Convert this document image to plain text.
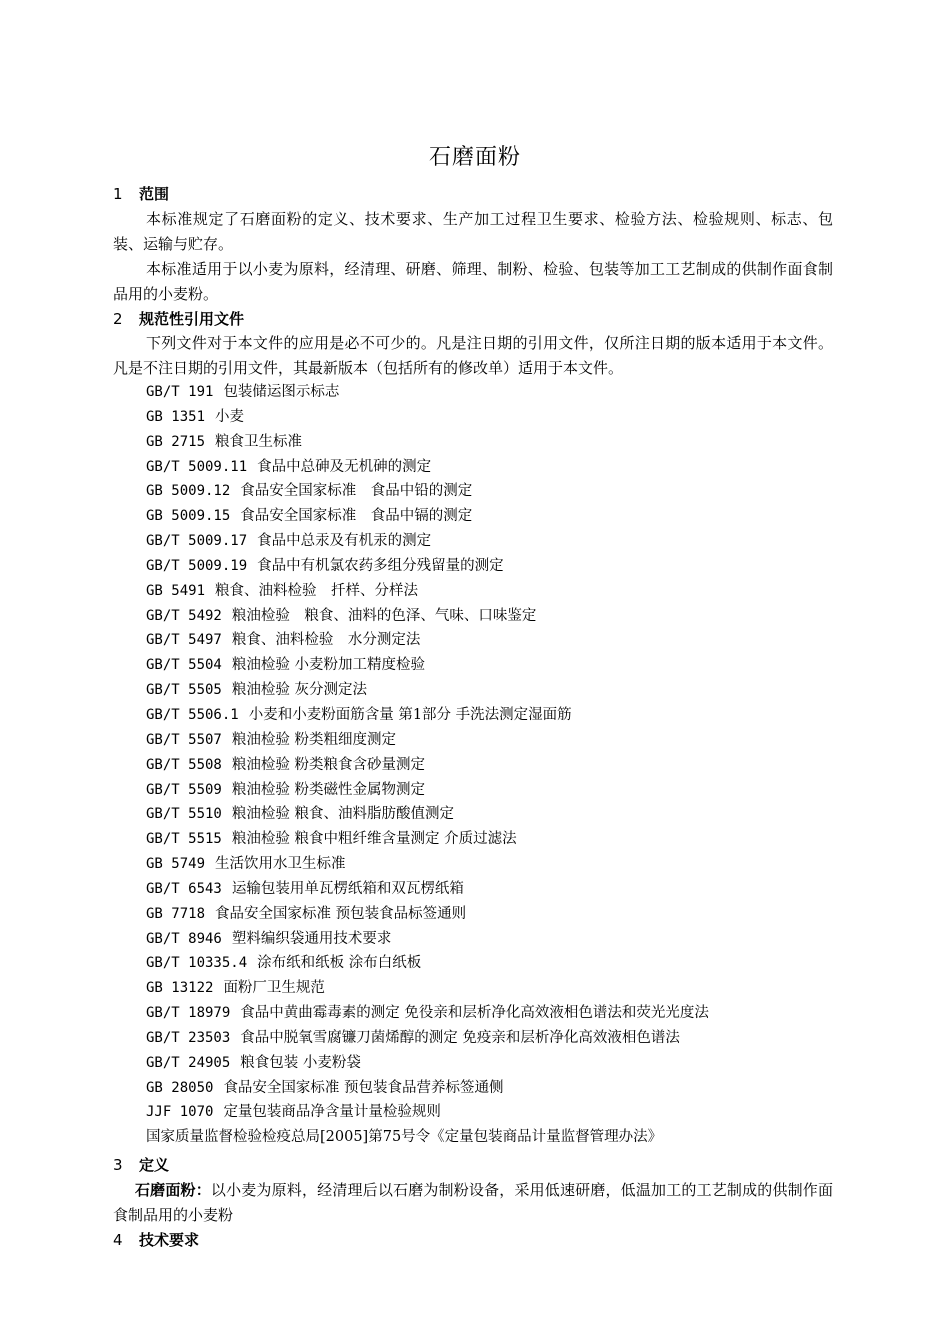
石磨面粉
1 范围
本标准规定了石磨面粉的定义、技术要求、生产加工过程卫生要求、检验方法、检验规则、标志、包装、运输与贮存。
本标准适用于以小麦为原料，经清理、研磨、筛理、制粉、检验、包装等加工工艺制成的供制作面食制品用的小麦粉。
2 规范性引用文件
下列文件对于本文件的应用是必不可少的。凡是注日期的引用文件，仅所注日期的版本适用于本文件。凡是不注日期的引用文件，其最新版本（包括所有的修改单）适用于本文件。
GB/T 191 包装储运图示标志
GB 1351 小麦
GB 2715 粮食卫生标准
GB/T 5009.11 食品中总砷及无机砷的测定
GB 5009.12 食品安全国家标准　食品中铅的测定
GB 5009.15 食品安全国家标准　食品中镉的测定
GB/T 5009.17 食品中总汞及有机汞的测定
GB/T 5009.19 食品中有机氯农药多组分残留量的测定
GB 5491 粮食、油料检验　扦样、分样法
GB/T 5492 粮油检验　粮食、油料的色泽、气味、口味鉴定
GB/T 5497 粮食、油料检验　水分测定法
GB/T 5504 粮油检验 小麦粉加工精度检验
GB/T 5505 粮油检验 灰分测定法
GB/T 5506.1 小麦和小麦粉面筋含量 第1部分 手洗法测定湿面筋
GB/T 5507 粮油检验 粉类粗细度测定
GB/T 5508 粮油检验 粉类粮食含砂量测定
GB/T 5509 粮油检验 粉类磁性金属物测定
GB/T 5510 粮油检验 粮食、油料脂肪酸值测定
GB/T 5515 粮油检验 粮食中粗纤维含量测定 介质过滤法
GB 5749 生活饮用水卫生标准
GB/T 6543 运输包装用单瓦楞纸箱和双瓦楞纸箱
GB 7718 食品安全国家标准 预包装食品标签通则
GB/T 8946 塑料编织袋通用技术要求
GB/T 10335.4 涂布纸和纸板 涂布白纸板
GB 13122 面粉厂卫生规范
GB/T 18979 食品中黄曲霉毒素的测定 免役亲和层析净化高效液相色谱法和荧光光度法
GB/T 23503 食品中脱氧雪腐镰刀菌烯醇的测定 免疫亲和层析净化高效液相色谱法
GB/T 24905 粮食包装 小麦粉袋
GB 28050 食品安全国家标准 预包装食品营养标签通侧
JJF 1070 定量包装商品净含量计量检验规则
国家质量监督检验检疫总局[2005]第75号令《定量包装商品计量监督管理办法》
3 定义
石磨面粉：以小麦为原料，经清理后以石磨为制粉设备，采用低速研磨，低温加工的工艺制成的供制作面食制品用的小麦粉
4 技术要求
